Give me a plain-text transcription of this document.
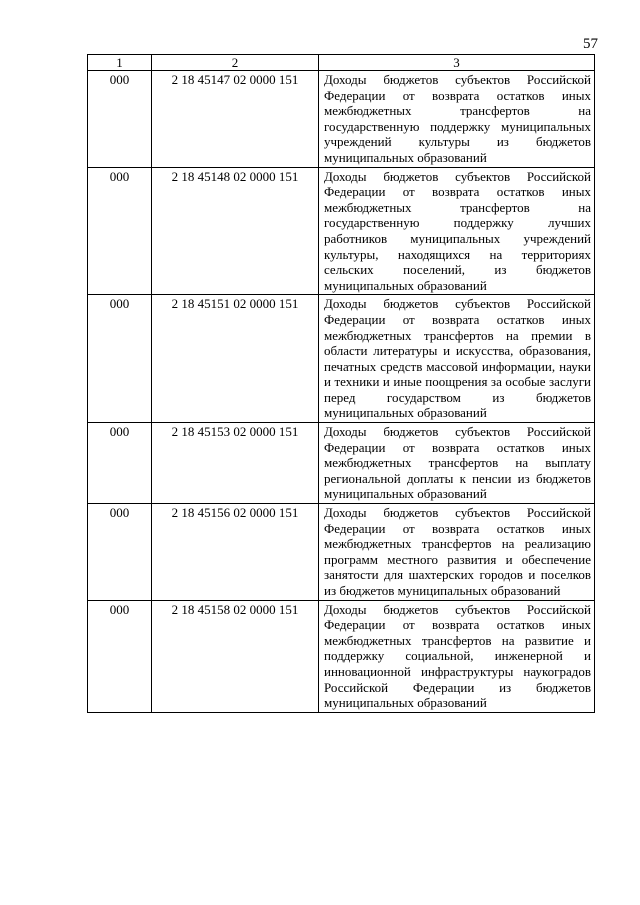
57
1	2	3
000	2 18 45147 02 0000 151	Доходы бюджетов субъектов Российской Федерации от возврата остатков иных межбюджетных трансфертов на государственную поддержку муниципальных учреждений культуры из бюджетов муниципальных образований
000	2 18 45148 02 0000 151	Доходы бюджетов субъектов Российской Федерации от возврата остатков иных межбюджетных трансфертов на государственную поддержку лучших работников муниципальных учреждений культуры, находящихся на территориях сельских поселений, из бюджетов муниципальных образований
000	2 18 45151 02 0000 151	Доходы бюджетов субъектов Российской Федерации от возврата остатков иных межбюджетных трансфертов на премии в области литературы и искусства, образования, печатных средств массовой информации, науки и техники и иные поощрения за особые заслуги перед государством из бюджетов муниципальных образований
000	2 18 45153 02 0000 151	Доходы бюджетов субъектов Российской Федерации от возврата остатков иных межбюджетных трансфертов на выплату региональной доплаты к пенсии из бюджетов муниципальных образований
000	2 18 45156 02 0000 151	Доходы бюджетов субъектов Российской Федерации от возврата остатков иных межбюджетных трансфертов на реализацию программ местного развития и обеспечение занятости для шахтерских городов и поселков из бюджетов муниципальных образований
000	2 18 45158 02 0000 151	Доходы бюджетов субъектов Российской Федерации от возврата остатков иных межбюджетных трансфертов на развитие и поддержку социальной, инженерной и инновационной инфраструктуры наукоградов Российской Федерации из бюджетов муниципальных образований
